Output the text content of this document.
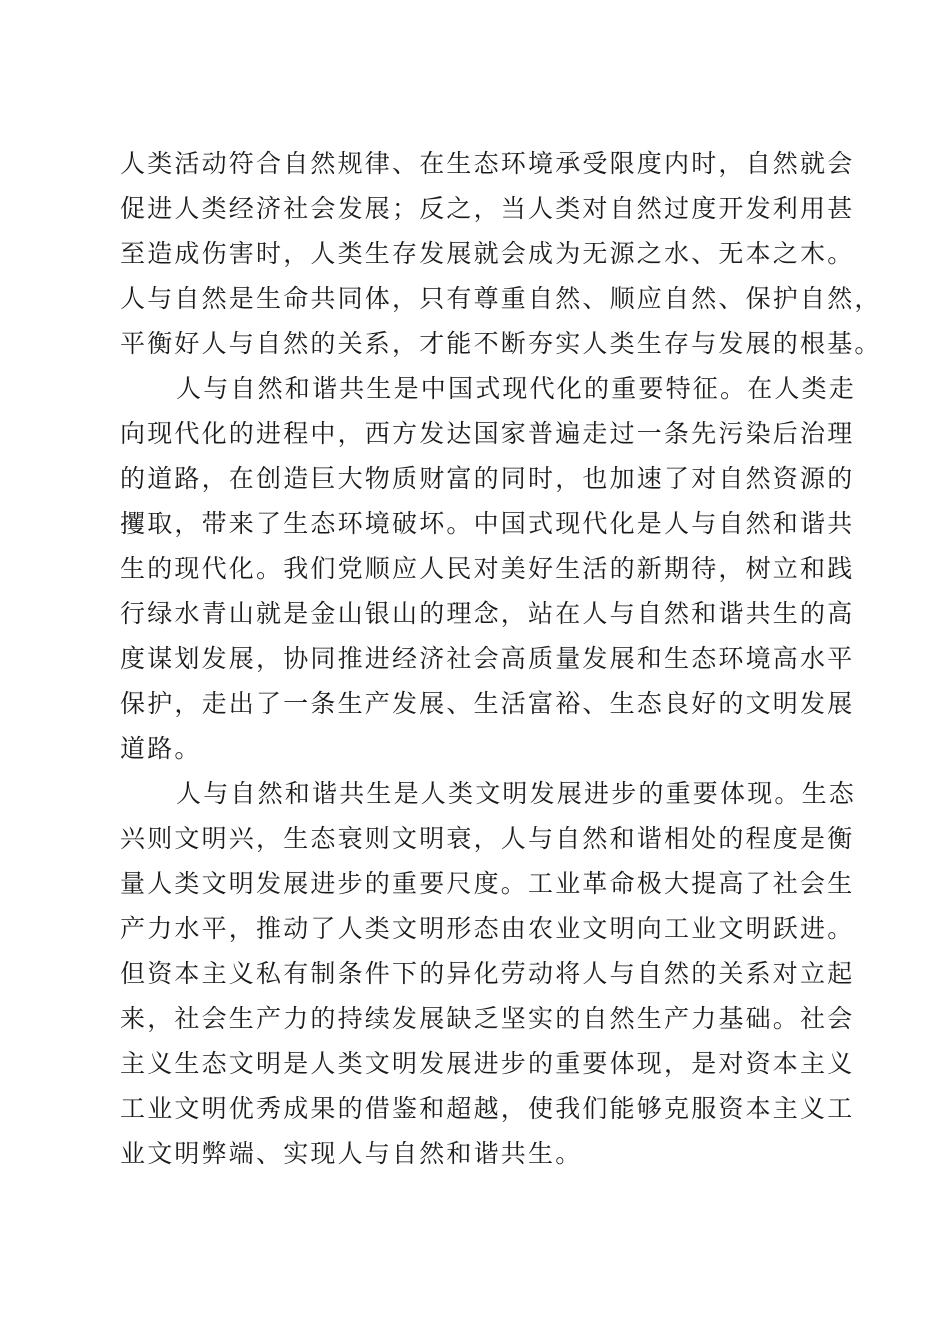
人类活动符合自然规律、在生态环境承受限度内时，自然就会
促进人类经济社会发展；反之，当人类对自然过度开发利用甚
至造成伤害时，人类生存发展就会成为无源之水、无本之木。
人与自然是生命共同体，只有尊重自然、顺应自然、保护自然，
平衡好人与自然的关系，才能不断夯实人类生存与发展的根基。
人与自然和谐共生是中国式现代化的重要特征。在人类走
向现代化的进程中，西方发达国家普遍走过一条先污染后治理
的道路，在创造巨大物质财富的同时，也加速了对自然资源的
攫取，带来了生态环境破坏。中国式现代化是人与自然和谐共
生的现代化。我们党顺应人民对美好生活的新期待，树立和践
行绿水青山就是金山银山的理念，站在人与自然和谐共生的高
度谋划发展，协同推进经济社会高质量发展和生态环境高水平
保护，走出了一条生产发展、生活富裕、生态良好的文明发展
道路。
人与自然和谐共生是人类文明发展进步的重要体现。生态
兴则文明兴，生态衰则文明衰，人与自然和谐相处的程度是衡
量人类文明发展进步的重要尺度。工业革命极大提高了社会生
产力水平，推动了人类文明形态由农业文明向工业文明跃进。
但资本主义私有制条件下的异化劳动将人与自然的关系对立起
来，社会生产力的持续发展缺乏坚实的自然生产力基础。社会
主义生态文明是人类文明发展进步的重要体现，是对资本主义
工业文明优秀成果的借鉴和超越，使我们能够克服资本主义工
业文明弊端、实现人与自然和谐共生。
